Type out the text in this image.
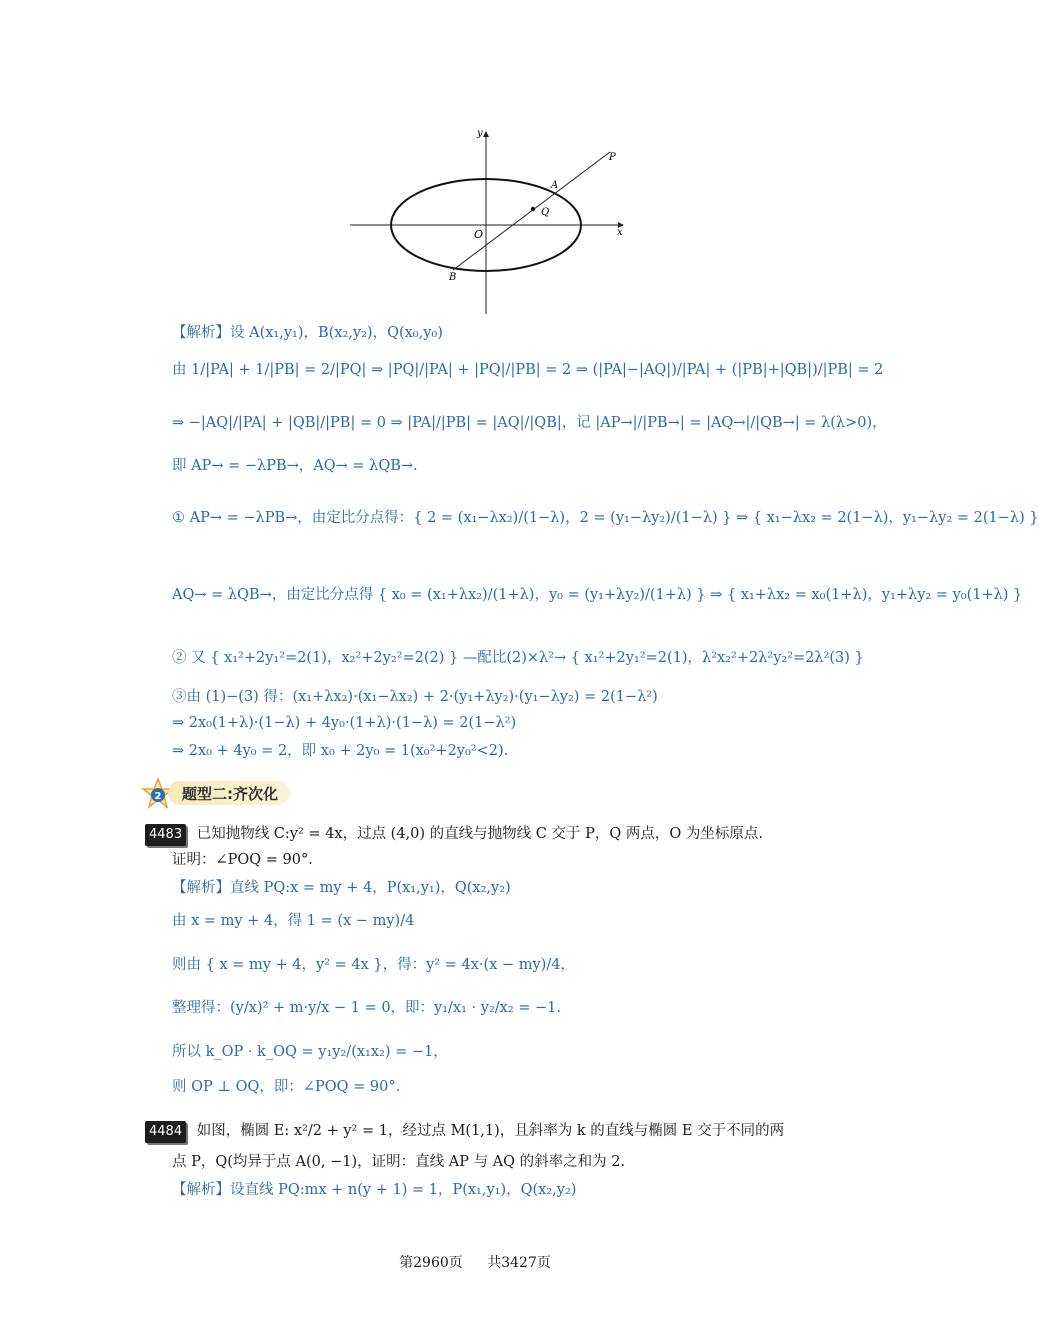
y
x
O
P
A
Q
B
【解析】设 A(x₁,y₁)，B(x₂,y₂)，Q(x₀,y₀)
由 1/|PA| + 1/|PB| = 2/|PQ| ⇒ |PQ|/|PA| + |PQ|/|PB| = 2 ⇒ (|PA|−|AQ|)/|PA| + (|PB|+|QB|)/|PB| = 2
⇒ −|AQ|/|PA| + |QB|/|PB| = 0 ⇒ |PA|/|PB| = |AQ|/|QB|，记 |AP→|/|PB→| = |AQ→|/|QB→| = λ(λ>0)，
即 AP→ = −λPB→，AQ→ = λQB→.
① AP→ = −λPB→，由定比分点得：{ 2 = (x₁−λx₂)/(1−λ)，2 = (y₁−λy₂)/(1−λ) } ⇒ { x₁−λx₂ = 2(1−λ)，y₁−λy₂ = 2(1−λ) }
AQ→ = λQB→，由定比分点得 { x₀ = (x₁+λx₂)/(1+λ)，y₀ = (y₁+λy₂)/(1+λ) } ⇒ { x₁+λx₂ = x₀(1+λ)，y₁+λy₂ = y₀(1+λ) }
② 又 { x₁²+2y₁²=2(1)，x₂²+2y₂²=2(2) } —配比(2)×λ²→ { x₁²+2y₁²=2(1)，λ²x₂²+2λ²y₂²=2λ²(3) }
③由 (1)−(3) 得：(x₁+λx₂)·(x₁−λx₂) + 2·(y₁+λy₂)·(y₁−λy₂) = 2(1−λ²)
⇒ 2x₀(1+λ)·(1−λ) + 4y₀·(1+λ)·(1−λ) = 2(1−λ²)
⇒ 2x₀ + 4y₀ = 2，即 x₀ + 2y₀ = 1(x₀²+2y₀²<2).
2	题型二:齐次化
4483 已知抛物线 C:y² = 4x，过点 (4,0) 的直线与抛物线 C 交于 P，Q 两点，O 为坐标原点.
证明：∠POQ = 90°.
【解析】直线 PQ:x = my + 4，P(x₁,y₁)，Q(x₂,y₂)
由 x = my + 4，得 1 = (x − my)/4
则由 { x = my + 4，y² = 4x }，得：y² = 4x·(x − my)/4，
整理得：(y/x)² + m·y/x − 1 = 0，即：y₁/x₁ · y₂/x₂ = −1.
所以 k_OP · k_OQ = y₁y₂/(x₁x₂) = −1，
则 OP ⊥ OQ，即：∠POQ = 90°.
4484 如图，椭圆 E: x²/2 + y² = 1，经过点 M(1,1)，且斜率为 k 的直线与椭圆 E 交于不同的两
点 P，Q(均异于点 A(0, −1)，证明：直线 AP 与 AQ 的斜率之和为 2.
【解析】设直线 PQ:mx + n(y + 1) = 1，P(x₁,y₁)，Q(x₂,y₂)
第2960页 共3427页
